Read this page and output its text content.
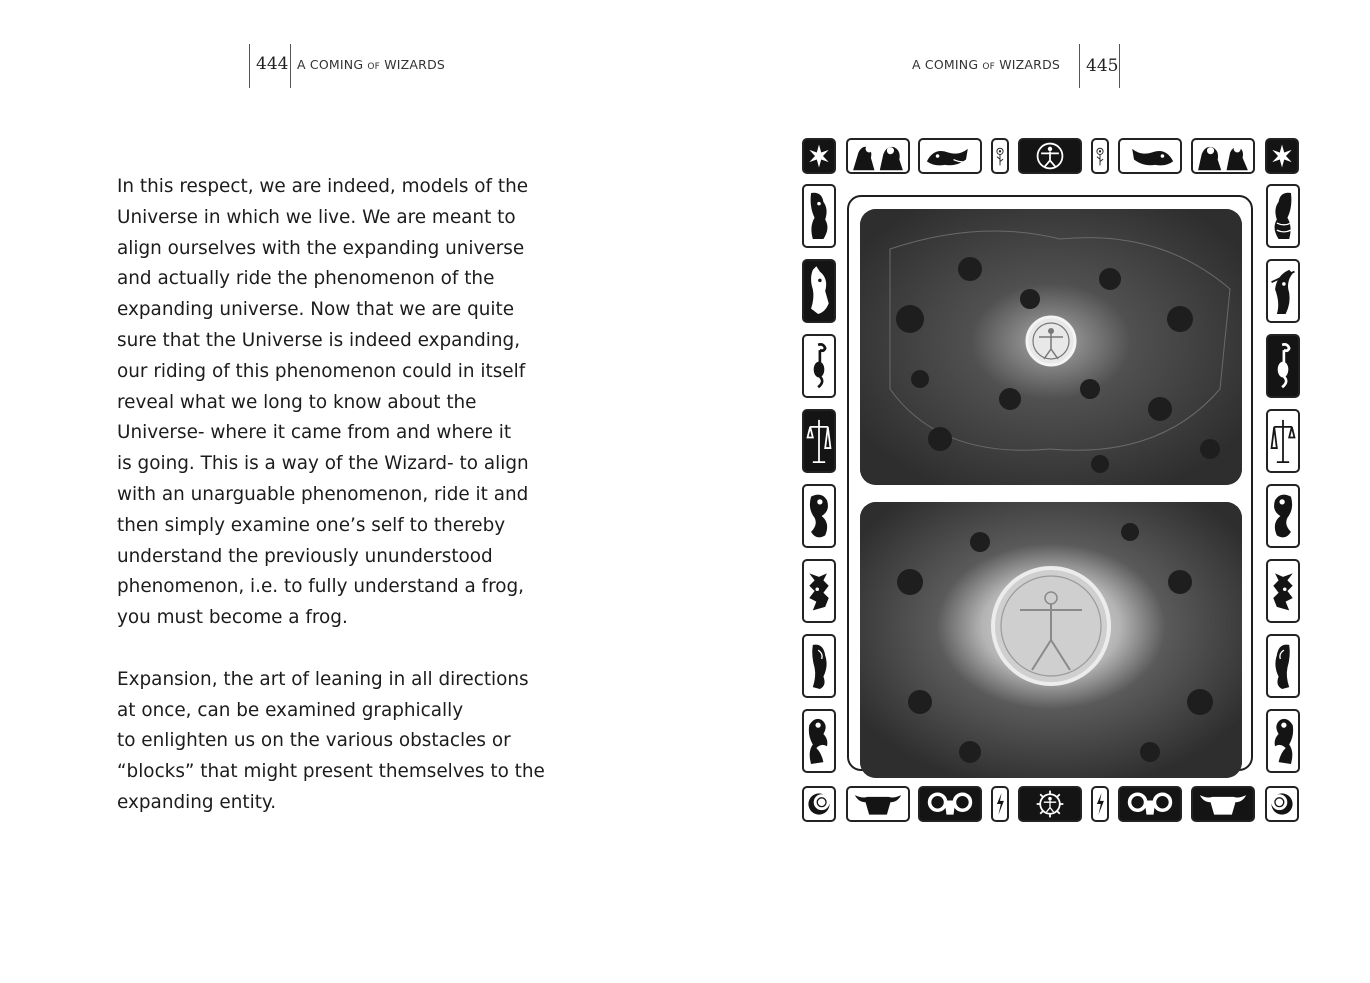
444 A COMING OF WIZARDS	A COMING OF WIZARDS 445
In this respect, we are indeed, models of the
Universe in which we live. We are meant to
align ourselves with the expanding universe
and actually ride the phenomenon of the
expanding universe. Now that we are quite
sure that the Universe is indeed expanding,
our riding of this phenomenon could in itself
reveal what we long to know about the
Universe- where it came from and where it
is going. This is a way of the Wizard- to align
with an unarguable phenomenon, ride it and
then simply examine one’s self to thereby
understand the previously ununderstood
phenomenon, i.e. to fully understand a frog,
you must become a frog.
Expansion, the art of leaning in all directions
at once, can be examined graphically
to enlighten us on the various obstacles or
“blocks” that might present themselves to the
expanding entity.
